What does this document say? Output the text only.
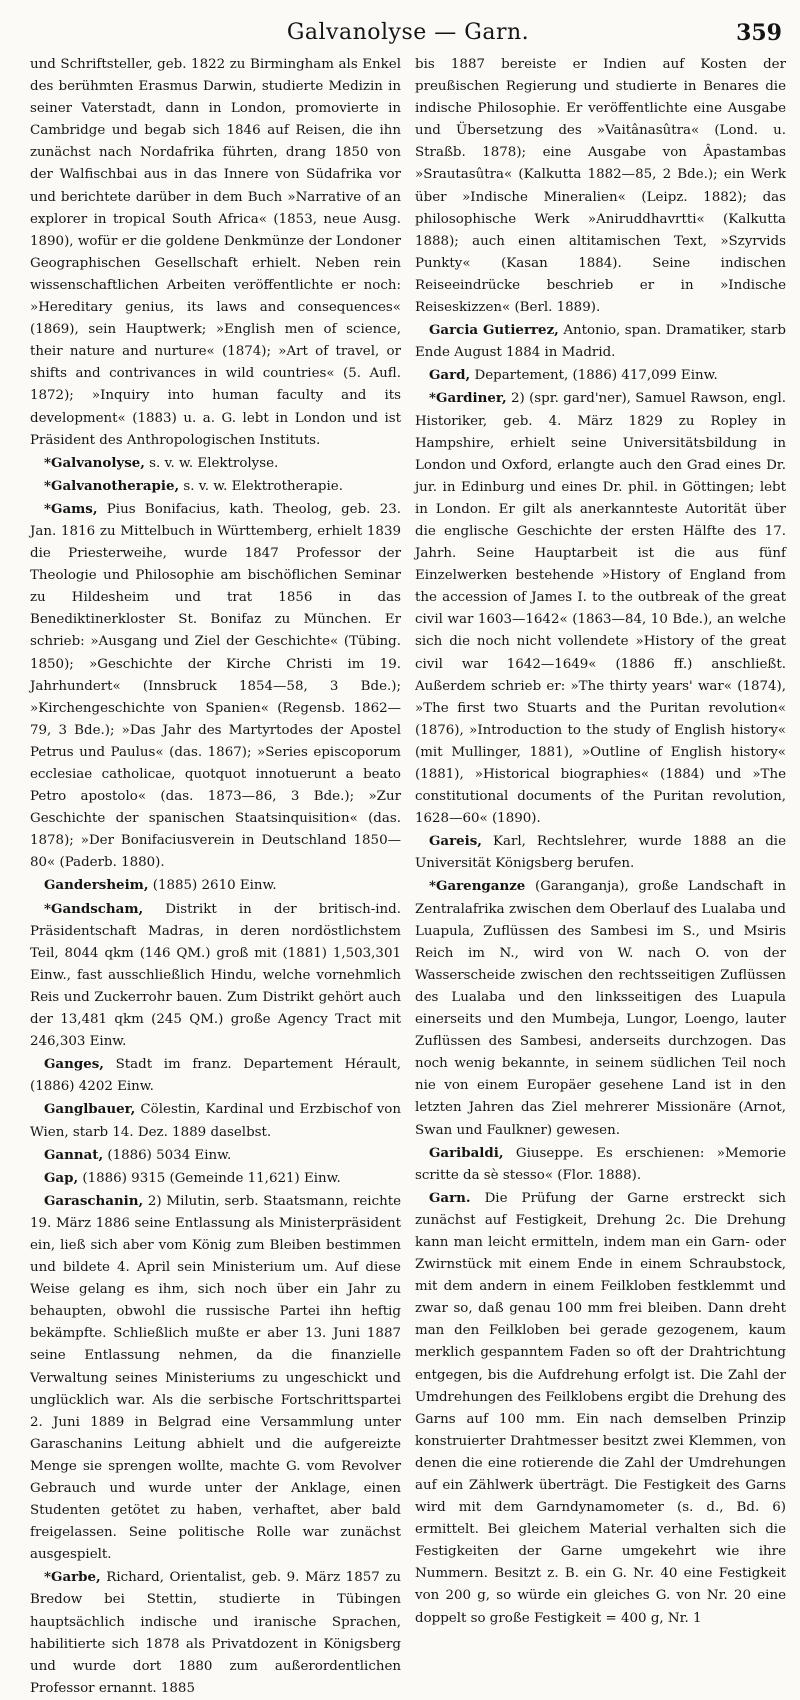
Galvanolyse — Garn.	359

und Schriftsteller, geb. 1822 zu Birmingham als Enkel des berühmten Erasmus Darwin, studierte Medizin in seiner Vaterstadt, dann in London, promovierte in Cambridge und begab sich 1846 auf Reisen, die ihn zunächst nach Nordafrika führten, drang 1850 von der Walfischbai aus in das Innere von Südafrika vor und berichtete darüber in dem Buch »Narrative of an explorer in tropical South Africa« (1853, neue Ausg. 1890), wofür er die goldene Denkmünze der Londoner Geographischen Gesellschaft erhielt. Neben rein wissenschaftlichen Arbeiten veröffentlichte er noch: »Hereditary genius, its laws and consequences« (1869), sein Hauptwerk; »English men of science, their nature and nurture« (1874); »Art of travel, or shifts and contrivances in wild countries« (5. Aufl. 1872); »Inquiry into human faculty and its development« (1883) u. a. G. lebt in London und ist Präsident des Anthropologischen Instituts.

*Galvanolyse, s. v. w. Elektrolyse.

*Galvanotherapie, s. v. w. Elektrotherapie.

*Gams, Pius Bonifacius, kath. Theolog, geb. 23. Jan. 1816 zu Mittelbuch in Württemberg, erhielt 1839 die Priesterweihe, wurde 1847 Professor der Theologie und Philosophie am bischöflichen Seminar zu Hildesheim und trat 1856 in das Benediktinerkloster St. Bonifaz zu München. Er schrieb: »Ausgang und Ziel der Geschichte« (Tübing. 1850); »Geschichte der Kirche Christi im 19. Jahrhundert« (Innsbruck 1854—58, 3 Bde.); »Kirchengeschichte von Spanien« (Regensb. 1862—79, 3 Bde.); »Das Jahr des Martyrtodes der Apostel Petrus und Paulus« (das. 1867); »Series episcoporum ecclesiae catholicae, quotquot innotuerunt a beato Petro apostolo« (das. 1873—86, 3 Bde.); »Zur Geschichte der spanischen Staatsinquisition« (das. 1878); »Der Bonifaciusverein in Deutschland 1850—80« (Paderb. 1880).

Gandersheim, (1885) 2610 Einw.

*Gandscham, Distrikt in der britisch-ind. Präsidentschaft Madras, in deren nordöstlichstem Teil, 8044 qkm (146 QM.) groß mit (1881) 1,503,301 Einw., fast ausschließlich Hindu, welche vornehmlich Reis und Zuckerrohr bauen. Zum Distrikt gehört auch der 13,481 qkm (245 QM.) große Agency Tract mit 246,303 Einw.

Ganges, Stadt im franz. Departement Hérault, (1886) 4202 Einw.

Ganglbauer, Cölestin, Kardinal und Erzbischof von Wien, starb 14. Dez. 1889 daselbst.

Gannat, (1886) 5034 Einw.

Gap, (1886) 9315 (Gemeinde 11,621) Einw.

Garaschanin, 2) Milutin, serb. Staatsmann, reichte 19. März 1886 seine Entlassung als Ministerpräsident ein, ließ sich aber vom König zum Bleiben bestimmen und bildete 4. April sein Ministerium um. Auf diese Weise gelang es ihm, sich noch über ein Jahr zu behaupten, obwohl die russische Partei ihn heftig bekämpfte. Schließlich mußte er aber 13. Juni 1887 seine Entlassung nehmen, da die finanzielle Verwaltung seines Ministeriums zu ungeschickt und unglücklich war. Als die serbische Fortschrittspartei 2. Juni 1889 in Belgrad eine Versammlung unter Garaschanins Leitung abhielt und die aufgereizte Menge sie sprengen wollte, machte G. vom Revolver Gebrauch und wurde unter der Anklage, einen Studenten getötet zu haben, verhaftet, aber bald freigelassen. Seine politische Rolle war zunächst ausgespielt.

*Garbe, Richard, Orientalist, geb. 9. März 1857 zu Bredow bei Stettin, studierte in Tübingen hauptsächlich indische und iranische Sprachen, habilitierte sich 1878 als Privatdozent in Königsberg und wurde dort 1880 zum außerordentlichen Professor ernannt. 1885

bis 1887 bereiste er Indien auf Kosten der preußischen Regierung und studierte in Benares die indische Philosophie. Er veröffentlichte eine Ausgabe und Übersetzung des »Vaitânasûtra« (Lond. u. Straßb. 1878); eine Ausgabe von Âpastambas »Srautasûtra« (Kalkutta 1882—85, 2 Bde.); ein Werk über »Indische Mineralien« (Leipz. 1882); das philosophische Werk »Aniruddhavrtti« (Kalkutta 1888); auch einen altitamischen Text, »Szyrvids Punkty« (Kasan 1884). Seine indischen Reiseeindrücke beschrieb er in »Indische Reiseskizzen« (Berl. 1889).

Garcia Gutierrez, Antonio, span. Dramatiker, starb Ende August 1884 in Madrid.

Gard, Departement, (1886) 417,099 Einw.

*Gardiner, 2) (spr. gard'ner), Samuel Rawson, engl. Historiker, geb. 4. März 1829 zu Ropley in Hampshire, erhielt seine Universitätsbildung in London und Oxford, erlangte auch den Grad eines Dr. jur. in Edinburg und eines Dr. phil. in Göttingen; lebt in London. Er gilt als anerkannteste Autorität über die englische Geschichte der ersten Hälfte des 17. Jahrh. Seine Hauptarbeit ist die aus fünf Einzelwerken bestehende »History of England from the accession of James I. to the outbreak of the great civil war 1603—1642« (1863—84, 10 Bde.), an welche sich die noch nicht vollendete »History of the great civil war 1642—1649« (1886 ff.) anschließt. Außerdem schrieb er: »The thirty years' war« (1874), »The first two Stuarts and the Puritan revolution« (1876), »Introduction to the study of English history« (mit Mullinger, 1881), »Outline of English history« (1881), »Historical biographies« (1884) und »The constitutional documents of the Puritan revolution, 1628—60« (1890).

Gareis, Karl, Rechtslehrer, wurde 1888 an die Universität Königsberg berufen.

*Garenganze (Garanganja), große Landschaft in Zentralafrika zwischen dem Oberlauf des Lualaba und Luapula, Zuflüssen des Sambesi im S., und Msiris Reich im N., wird von W. nach O. von der Wasserscheide zwischen den rechtsseitigen Zuflüssen des Lualaba und den linksseitigen des Luapula einerseits und den Mumbeja, Lungor, Loengo, lauter Zuflüssen des Sambesi, anderseits durchzogen. Das noch wenig bekannte, in seinem südlichen Teil noch nie von einem Europäer gesehene Land ist in den letzten Jahren das Ziel mehrerer Missionäre (Arnot, Swan und Faulkner) gewesen.

Garibaldi, Giuseppe. Es erschienen: »Memorie scritte da sè stesso« (Flor. 1888).

Garn. Die Prüfung der Garne erstreckt sich zunächst auf Festigkeit, Drehung 2c. Die Drehung kann man leicht ermitteln, indem man ein Garn- oder Zwirnstück mit einem Ende in einem Schraubstock, mit dem andern in einem Feilkloben festklemmt und zwar so, daß genau 100 mm frei bleiben. Dann dreht man den Feilkloben bei gerade gezogenem, kaum merklich gespanntem Faden so oft der Drahtrichtung entgegen, bis die Aufdrehung erfolgt ist. Die Zahl der Umdrehungen des Feilklobens ergibt die Drehung des Garns auf 100 mm. Ein nach demselben Prinzip konstruierter Drahtmesser besitzt zwei Klemmen, von denen die eine rotierende die Zahl der Umdrehungen auf ein Zählwerk überträgt. Die Festigkeit des Garns wird mit dem Garndynamometer (s. d., Bd. 6) ermittelt. Bei gleichem Material verhalten sich die Festigkeiten der Garne umgekehrt wie ihre Nummern. Besitzt z. B. ein G. Nr. 40 eine Festigkeit von 200 g, so würde ein gleiches G. von Nr. 20 eine doppelt so große Festigkeit = 400 g, Nr. 1
